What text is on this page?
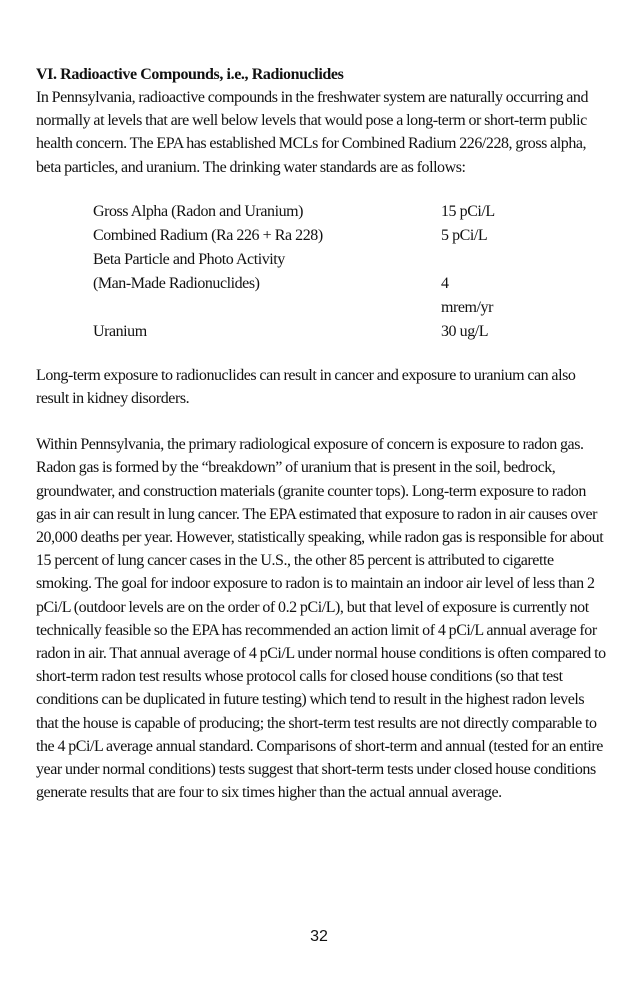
VI. Radioactive Compounds, i.e., Radionuclides

In Pennsylvania, radioactive compounds in the freshwater system are naturally occurring and normally at levels that are well below levels that would pose a long-term or short-term public health concern. The EPA has established MCLs for Combined Radium 226/228, gross alpha, beta particles, and uranium. The drinking water standards are as follows:

Gross Alpha (Radon and Uranium)	15 pCi/L
Combined Radium (Ra 226 + Ra 228)	5 pCi/L
Beta Particle and Photo Activity	
(Man-Made Radionuclides)	4 mrem/yr
Uranium	30 ug/L

Long-term exposure to radionuclides can result in cancer and exposure to uranium can also result in kidney disorders.

Within Pennsylvania, the primary radiological exposure of concern is exposure to radon gas. Radon gas is formed by the “breakdown” of uranium that is present in the soil, bedrock, groundwater, and construction materials (granite counter tops). Long-term exposure to radon gas in air can result in lung cancer. The EPA estimated that exposure to radon in air causes over 20,000 deaths per year. However, statistically speaking, while radon gas is responsible for about 15 percent of lung cancer cases in the U.S., the other 85 percent is attributed to cigarette smoking. The goal for indoor exposure to radon is to maintain an indoor air level of less than 2 pCi/L (outdoor levels are on the order of 0.2 pCi/L), but that level of exposure is currently not technically feasible so the EPA has recommended an action limit of 4 pCi/L annual average for radon in air. That annual average of 4 pCi/L under normal house conditions is often compared to short-term radon test results whose protocol calls for closed house conditions (so that test conditions can be duplicated in future testing) which tend to result in the highest radon levels that the house is capable of producing; the short-term test results are not directly comparable to the 4 pCi/L average annual standard. Comparisons of short-term and annual (tested for an entire year under normal conditions) tests suggest that short-term tests under closed house conditions generate results that are four to six times higher than the actual annual average.

32
